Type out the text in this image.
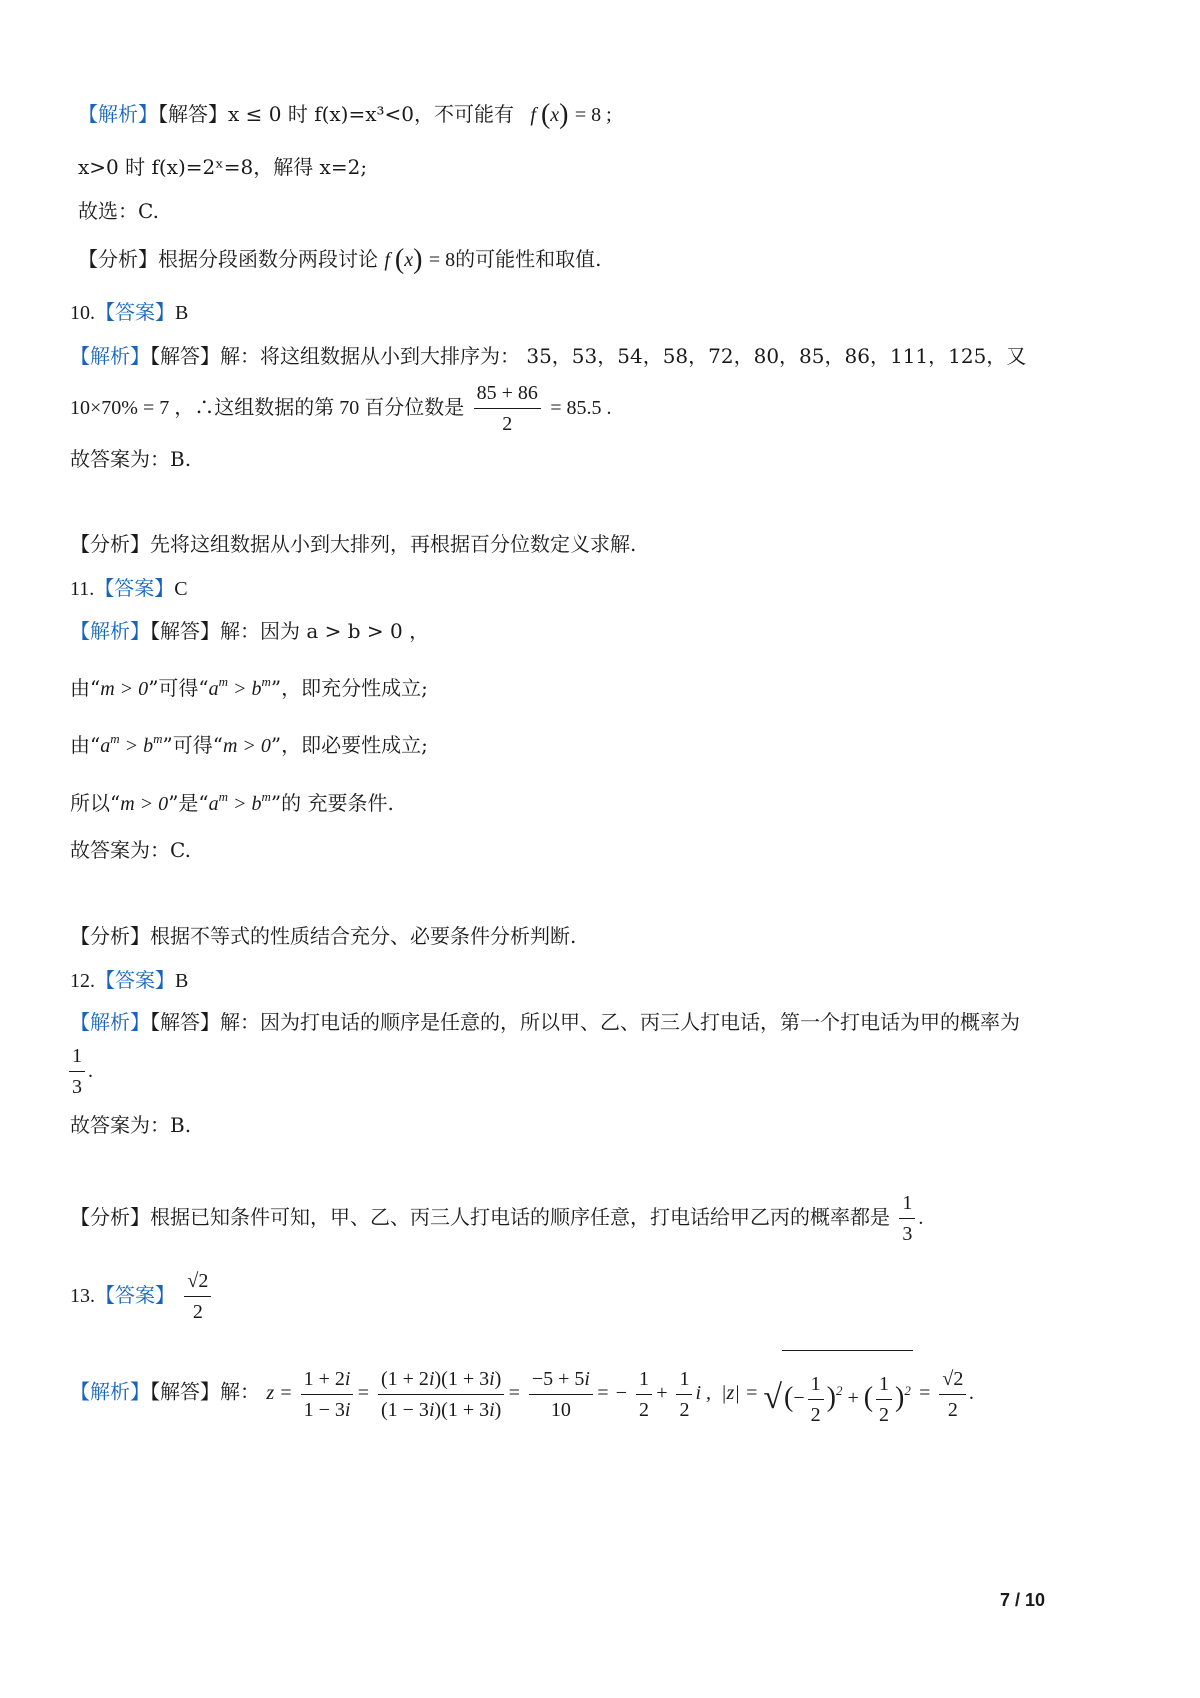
【解析】【解答】x ≤ 0 时 f(x)=x³<0，不可能有   f (x) = 8 ;
x>0 时 f(x)=2ˣ=8，解得 x=2;
故选：C.
【分析】根据分段函数分两段讨论 f (x) = 8的可能性和取值.
10.【答案】B
【解析】【解答】解：将这组数据从小到大排序为： 35，53，54，58，72，80，85，86，111，125，又
10×70% = 7 ，∴这组数据的第 70 百分位数是 $\frac{85 + 86}{2} = 85.5$ .
故答案为：B.
【分析】先将这组数据从小到大排列，再根据百分位数定义求解.
11.【答案】C
【解析】【解答】解：因为 a > b > 0 ，
由“m > 0”可得“$a^m > b^m$”，即充分性成立;
由“$a^m > b^m$”可得“m > 0”，即必要性成立;
所以“m > 0”是“$a^m > b^m$”的 充要条件.
故答案为：C.
【分析】根据不等式的性质结合充分、必要条件分析判断.
12.【答案】B
【解析】【解答】解：因为打电话的顺序是任意的，所以甲、乙、丙三人打电话，第一个打电话为甲的概率为
$\frac{1}{3}$ .
故答案为：B.
【分析】根据已知条件可知，甲、乙、丙三人打电话的顺序任意，打电话给甲乙丙的概率都是 $\frac{1}{3}$ .
13.【答案】 $\frac{√2}{2}$
【解析】【解答】解： $z = \frac{1 + 2i}{1 - 3i} = \frac{(1 + 2i)(1 + 3i)}{(1 - 3i)(1 + 3i)} = \frac{-5 + 5i}{10}$ = − $\frac{1}{2} + \frac{1}{2}$ i ,  |z| = √(− $\frac{1}{2} )^2$ + ( $\frac{1}{2} )^2 = \frac{√2}{2}$ .
7 / 10
